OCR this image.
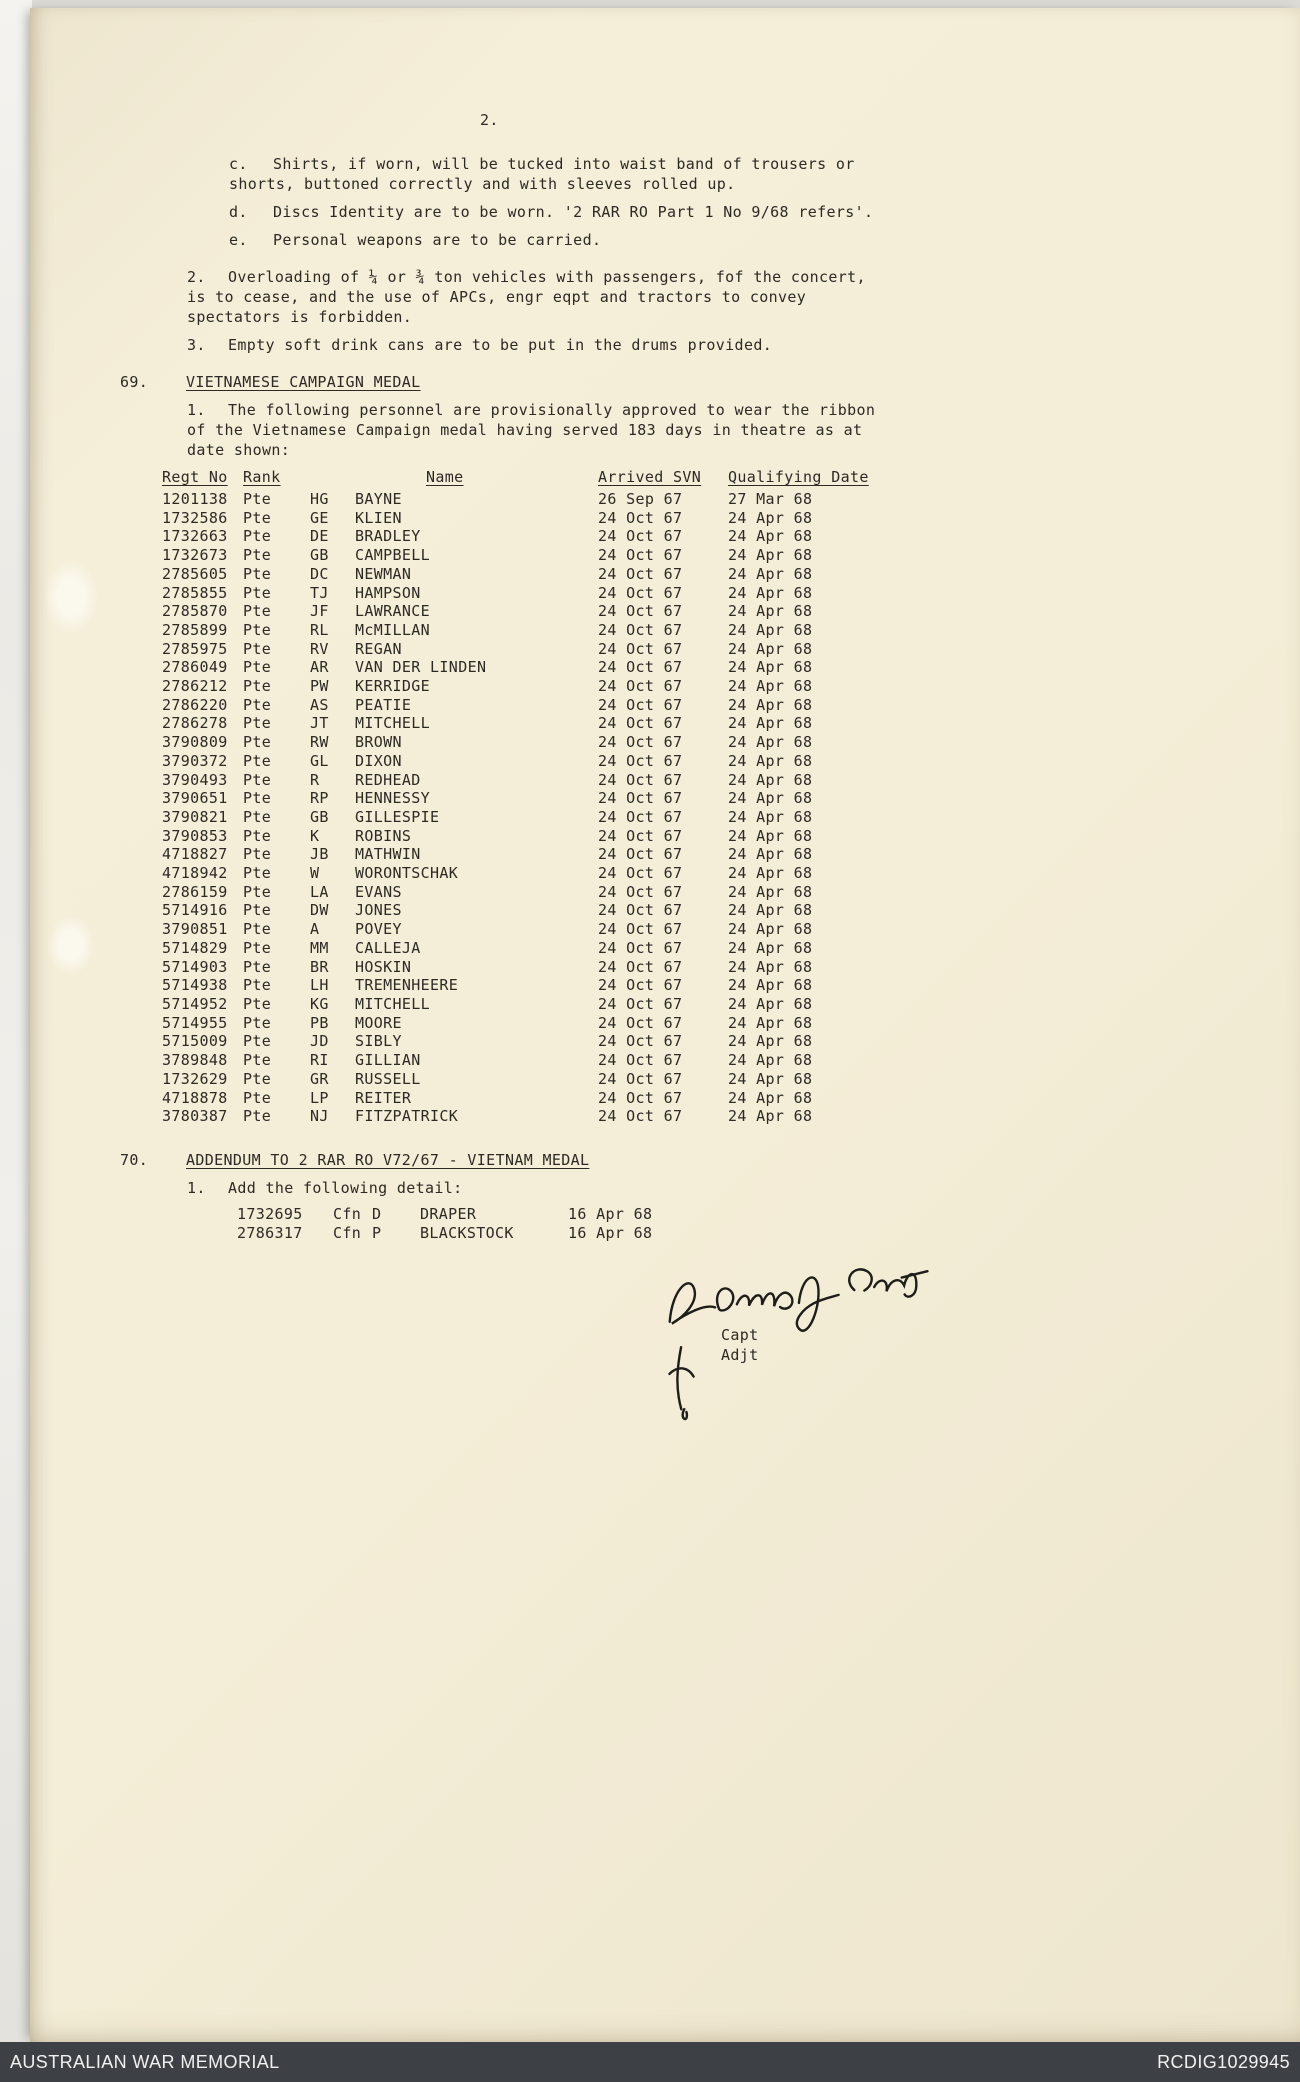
2.
c. Shirts, if worn, will be tucked into waist band of trousers or shorts, buttoned correctly and with sleeves rolled up.
d. Discs Identity are to be worn. '2 RAR RO Part 1 No 9/68 refers'.
e. Personal weapons are to be carried.
2. Overloading of ¼ or ¾ ton vehicles with passengers, fof the concert, is to cease, and the use of APCs, engr eqpt and tractors to convey spectators is forbidden.
3. Empty soft drink cans are to be put in the drums provided.
69.	VIETNAMESE CAMPAIGN MEDAL
1. The following personnel are provisionally approved to wear the ribbon of the Vietnamese Campaign medal having served 183 days in theatre as at date shown:
Regt No	Rank	Name	Arrived SVN	Qualifying Date
1201138	Pte	HG	BAYNE	26 Sep 67	27 Mar 68
1732586	Pte	GE	KLIEN	24 Oct 67	24 Apr 68
1732663	Pte	DE	BRADLEY	24 Oct 67	24 Apr 68
1732673	Pte	GB	CAMPBELL	24 Oct 67	24 Apr 68
2785605	Pte	DC	NEWMAN	24 Oct 67	24 Apr 68
2785855	Pte	TJ	HAMPSON	24 Oct 67	24 Apr 68
2785870	Pte	JF	LAWRANCE	24 Oct 67	24 Apr 68
2785899	Pte	RL	McMILLAN	24 Oct 67	24 Apr 68
2785975	Pte	RV	REGAN	24 Oct 67	24 Apr 68
2786049	Pte	AR	VAN DER LINDEN	24 Oct 67	24 Apr 68
2786212	Pte	PW	KERRIDGE	24 Oct 67	24 Apr 68
2786220	Pte	AS	PEATIE	24 Oct 67	24 Apr 68
2786278	Pte	JT	MITCHELL	24 Oct 67	24 Apr 68
3790809	Pte	RW	BROWN	24 Oct 67	24 Apr 68
3790372	Pte	GL	DIXON	24 Oct 67	24 Apr 68
3790493	Pte	R	REDHEAD	24 Oct 67	24 Apr 68
3790651	Pte	RP	HENNESSY	24 Oct 67	24 Apr 68
3790821	Pte	GB	GILLESPIE	24 Oct 67	24 Apr 68
3790853	Pte	K	ROBINS	24 Oct 67	24 Apr 68
4718827	Pte	JB	MATHWIN	24 Oct 67	24 Apr 68
4718942	Pte	W	WORONTSCHAK	24 Oct 67	24 Apr 68
2786159	Pte	LA	EVANS	24 Oct 67	24 Apr 68
5714916	Pte	DW	JONES	24 Oct 67	24 Apr 68
3790851	Pte	A	POVEY	24 Oct 67	24 Apr 68
5714829	Pte	MM	CALLEJA	24 Oct 67	24 Apr 68
5714903	Pte	BR	HOSKIN	24 Oct 67	24 Apr 68
5714938	Pte	LH	TREMENHEERE	24 Oct 67	24 Apr 68
5714952	Pte	KG	MITCHELL	24 Oct 67	24 Apr 68
5714955	Pte	PB	MOORE	24 Oct 67	24 Apr 68
5715009	Pte	JD	SIBLY	24 Oct 67	24 Apr 68
3789848	Pte	RI	GILLIAN	24 Oct 67	24 Apr 68
1732629	Pte	GR	RUSSELL	24 Oct 67	24 Apr 68
4718878	Pte	LP	REITER	24 Oct 67	24 Apr 68
3780387	Pte	NJ	FITZPATRICK	24 Oct 67	24 Apr 68
70.	ADDENDUM TO 2 RAR RO V72/67 - VIETNAM MEDAL
1. Add the following detail:
1732695	Cfn D	DRAPER	16 Apr 68
2786317	Cfn P	BLACKSTOCK	16 Apr 68
Capt
Adjt
AUSTRALIAN WAR MEMORIAL	RCDIG1029945
